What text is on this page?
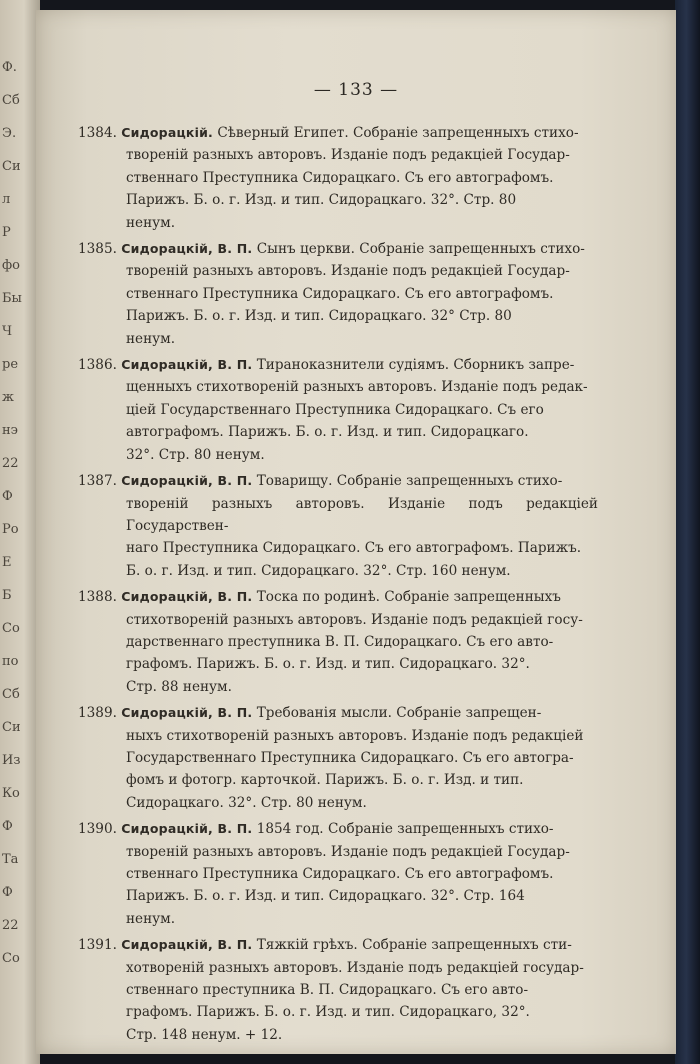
Ф.
Сб
Э.
Си
л
Р
фо
Бы
Ч
ре
ж
нэ
22
Ф
Ро
Е
Б
Со
по
Сб
Си
Из
Ко
Ф
Та
Ф
22
Со
— 133 —
1384. Сидорацкій. Сѣверный Египет. Собраніе запрещенныхъ стихо-
твореній разныхъ авторовъ. Изданіе подъ редакціей Государ-
ственнаго Преступника Сидорацкаго. Съ его автографомъ.
Парижъ. Б. о. г. Изд. и тип. Сидорацкаго. 32°. Стр. 80
ненум.
1385. Сидорацкій, В. П. Сынъ церкви. Собраніе запрещенныхъ стихо-
твореній разныхъ авторовъ. Изданіе подъ редакціей Государ-
ственнаго Преступника Сидорацкаго. Съ его автографомъ.
Парижъ. Б. о. г. Изд. и тип. Сидорацкаго. 32° Стр. 80
ненум.
1386. Сидорацкій, В. П. Тиранокaзнители судіямъ. Сборникъ запре-
щенныхъ стихотвореній разныхъ авторовъ. Изданіе подъ редак-
ціей Государственнаго Преступника Сидорацкаго. Съ его
автографомъ. Парижъ. Б. о. г. Изд. и тип. Сидорацкаго.
32°. Стр. 80 ненум.
1387. Сидорацкій, В. П. Товарищу. Собраніе запрещенныхъ стихо-
твореній разныхъ авторовъ. Изданіе подъ редакціей Государствен-
наго Преступника Сидорацкаго. Съ его автографомъ. Парижъ.
Б. о. г. Изд. и тип. Сидорацкаго. 32°. Стр. 160 ненум.
1388. Сидорацкій, В. П. Тоска по родинѣ. Собраніе запрещенныхъ
стихотвореній разныхъ авторовъ. Изданіе подъ редакціей госу-
дарственнаго преступника В. П. Сидорацкаго. Съ его авто-
графомъ. Парижъ. Б. о. г. Изд. и тип. Сидорацкаго. 32°.
Стр. 88 ненум.
1389. Сидорацкій, В. П. Требованія мысли. Собраніе запрещен-
ныхъ стихотвореній разныхъ авторовъ. Изданіе подъ редакціей
Государственнаго Преступника Сидорацкаго. Съ его автогра-
фомъ и фотогр. карточкой. Парижъ. Б. о. г. Изд. и тип.
Сидорацкаго. 32°. Стр. 80 ненум.
1390. Сидорацкій, В. П. 1854 год. Собраніе запрещенныхъ стихо-
твореній разныхъ авторовъ. Изданіе подъ редакціей Государ-
ственнаго Преступника Сидорацкаго. Съ его автографомъ.
Парижъ. Б. о. г. Изд. и тип. Сидорацкаго. 32°. Стр. 164
ненум.
1391. Сидорацкій, В. П. Тяжкій грѣхъ. Собраніе запрещенныхъ сти-
хотвореній разныхъ авторовъ. Изданіе подъ редакціей государ-
ственнаго преступника В. П. Сидорацкаго. Съ его авто-
графомъ. Парижъ. Б. о. г. Изд. и тип. Сидорацкаго, 32°.
Стр. 148 ненум. + 12.
